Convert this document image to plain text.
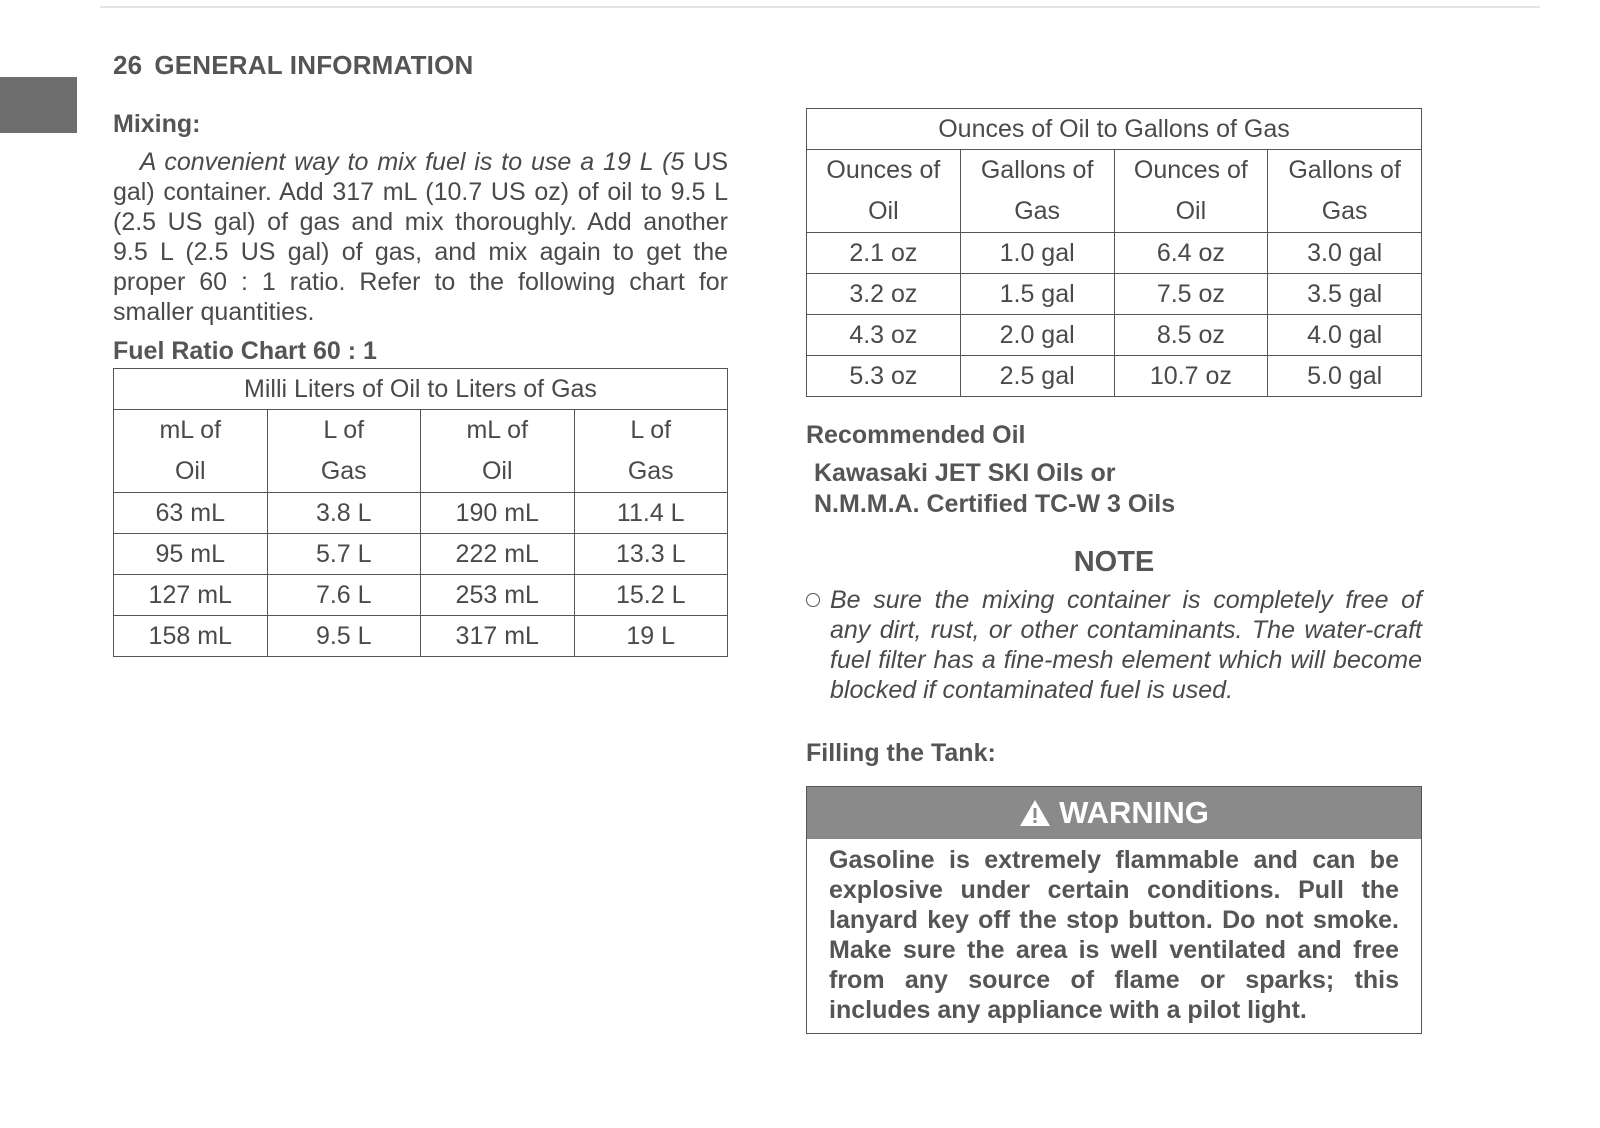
26 GENERAL INFORMATION

Mixing:

A convenient way to mix fuel is to use a 19 L (5 US gal) container. Add 317 mL (10.7 US oz) of oil to 9.5 L (2.5 US gal) of gas and mix thoroughly. Add another 9.5 L (2.5 US gal) of gas, and mix again to get the proper 60 : 1 ratio. Refer to the following chart for smaller quantities.

Fuel Ratio Chart 60 : 1

Milli Liters of Oil to Liters of Gas			
mL of
Oil	L of
Gas	mL of
Oil	L of
Gas
63 mL	3.8 L	190 mL	11.4 L
95 mL	5.7 L	222 mL	13.3 L
127 mL	7.6 L	253 mL	15.2 L
158 mL	9.5 L	317 mL	19 L
Ounces of Oil to Gallons of Gas			
Ounces of
Oil	Gallons of
Gas	Ounces of
Oil	Gallons of
Gas
2.1 oz	1.0 gal	6.4 oz	3.0 gal
3.2 oz	1.5 gal	7.5 oz	3.5 gal
4.3 oz	2.0 gal	8.5 oz	4.0 gal
5.3 oz	2.5 gal	10.7 oz	5.0 gal

Recommended Oil

Kawasaki JET SKI Oils or

N.M.M.A. Certified TC-W 3 Oils

NOTE

Be sure the mixing container is completely free of any dirt, rust, or other contaminants. The water-craft fuel filter has a fine-mesh element which will become blocked if contaminated fuel is used.

Filling the Tank:

WARNING
Gasoline is extremely flammable and can be explosive under certain conditions. Pull the lanyard key off the stop button. Do not smoke. Make sure the area is well ventilated and free from any source of flame or sparks; this includes any appliance with a pilot light.
